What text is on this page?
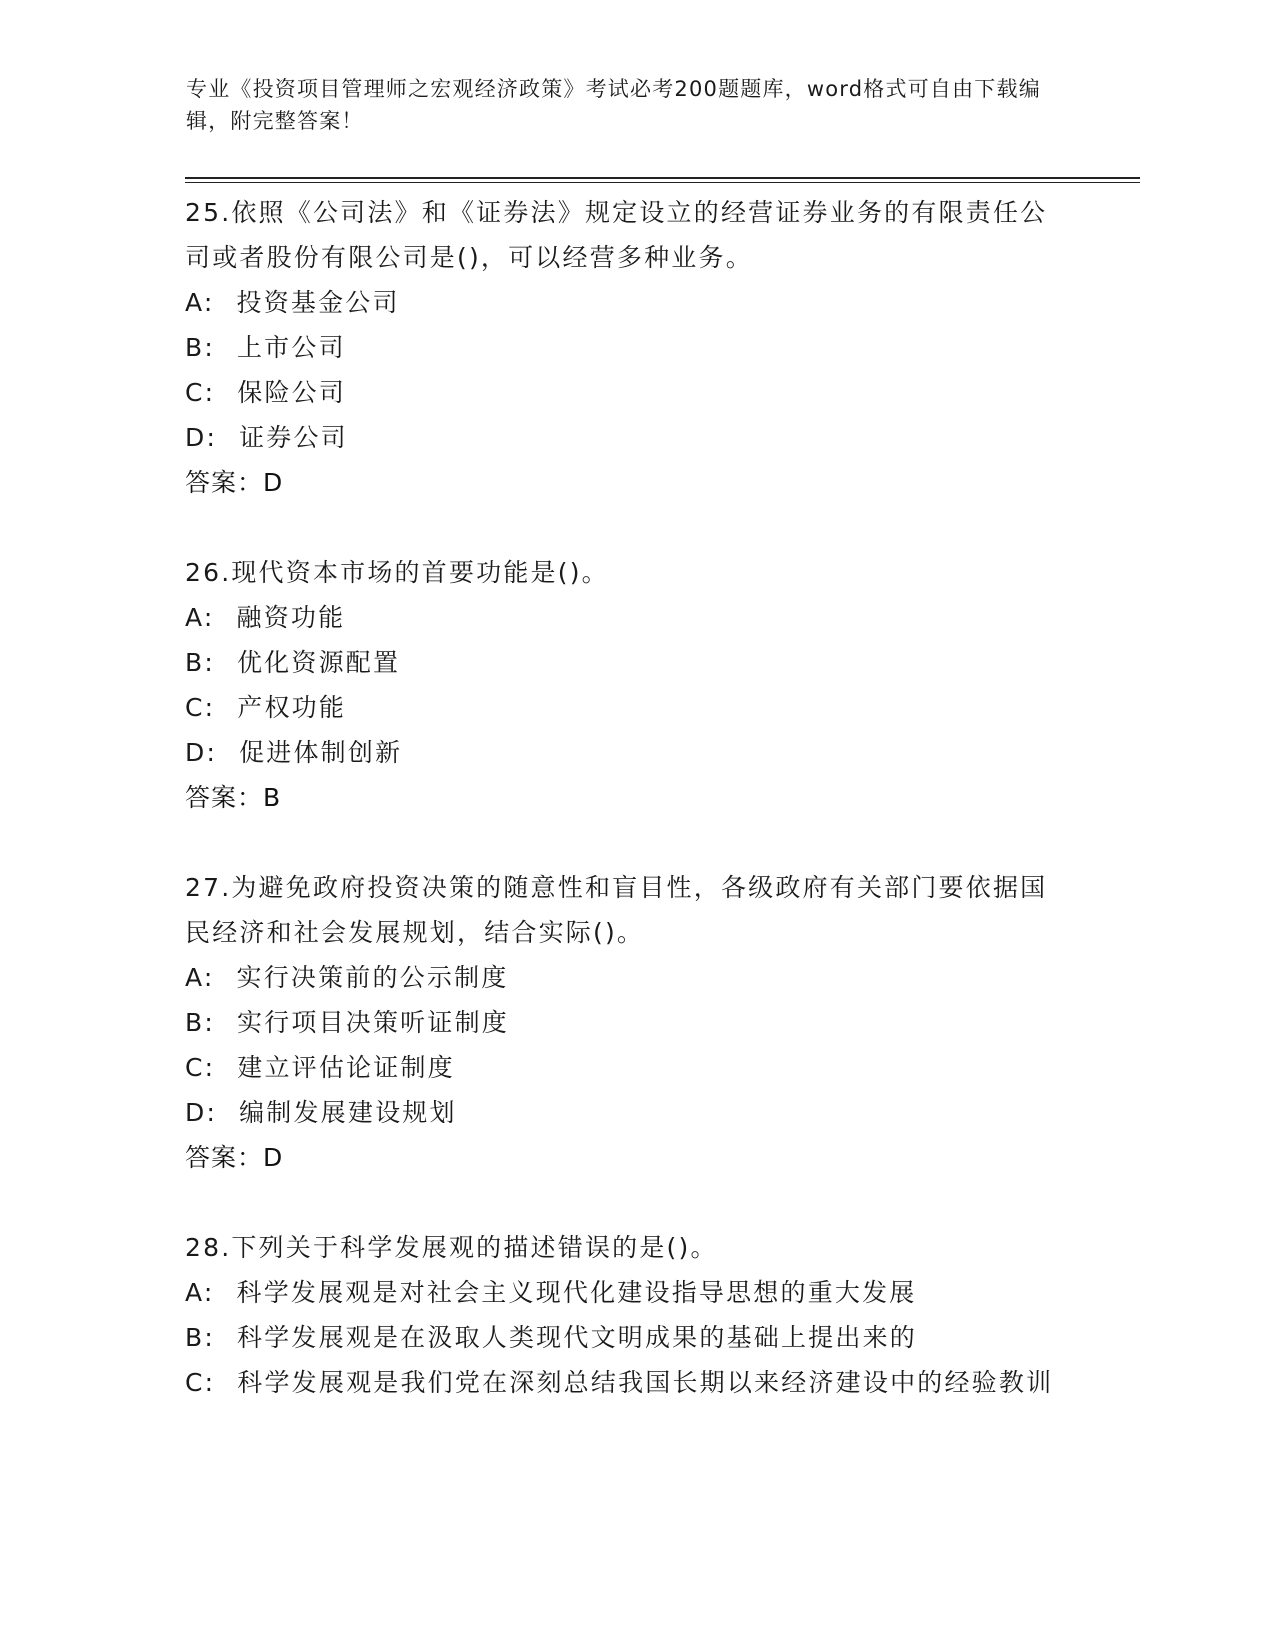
专业《投资项目管理师之宏观经济政策》考试必考200题题库，word格式可自由下载编辑，附完整答案！
25.依照《公司法》和《证券法》规定设立的经营证券业务的有限责任公司或者股份有限公司是()，可以经营多种业务。
A: 投资基金公司
B: 上市公司
C: 保险公司
D: 证券公司
答案：D
26.现代资本市场的首要功能是()。
A: 融资功能
B: 优化资源配置
C: 产权功能
D: 促进体制创新
答案：B
27.为避免政府投资决策的随意性和盲目性，各级政府有关部门要依据国民经济和社会发展规划，结合实际()。
A: 实行决策前的公示制度
B: 实行项目决策听证制度
C: 建立评估论证制度
D: 编制发展建设规划
答案：D
28.下列关于科学发展观的描述错误的是()。
A: 科学发展观是对社会主义现代化建设指导思想的重大发展
B: 科学发展观是在汲取人类现代文明成果的基础上提出来的
C: 科学发展观是我们党在深刻总结我国长期以来经济建设中的经验教训
